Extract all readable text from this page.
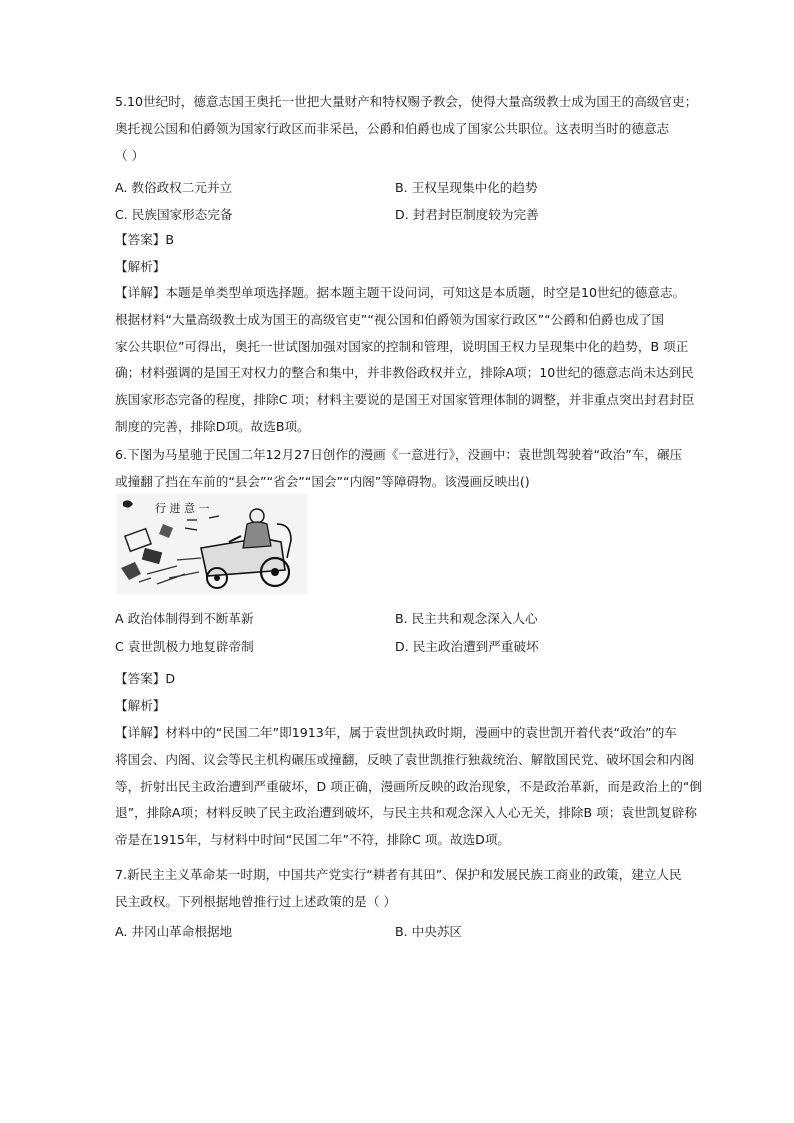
5.10世纪时，德意志国王奥托一世把大量财产和特权赐予教会，使得大量高级教士成为国王的高级官吏；
奥托视公国和伯爵领为国家行政区而非采邑，公爵和伯爵也成了国家公共职位。这表明当时的德意志
（ ）
A. 教俗政权二元并立	B. 王权呈现集中化的趋势
C. 民族国家形态完备	D. 封君封臣制度较为完善
【答案】B
【解析】
【详解】本题是单类型单项选择题。据本题主题干设问词，可知这是本质题，时空是10世纪的德意志。
根据材料“大量高级教士成为国王的高级官吏”“视公国和伯爵领为国家行政区”“公爵和伯爵也成了国
家公共职位”可得出，奥托一世试图加强对国家的控制和管理，说明国王权力呈现集中化的趋势，B 项正
确；材料强调的是国王对权力的整合和集中，并非教俗政权并立，排除A项；10世纪的德意志尚未达到民
族国家形态完备的程度，排除C 项；材料主要说的是国王对国家管理体制的调整，并非重点突出封君封臣
制度的完善，排除D项。故选B项。
6.下图为马星驰于民国二年12月27日创作的漫画《一意进行》，没画中：袁世凯驾驶着“政治”车，碾压
或撞翻了挡在车前的“县会”“省会”“国会”“内阁”等障碍物。该漫画反映出()
行 进 意 一
A 政治体制得到不断革新	B. 民主共和观念深入人心
C 袁世凯极力地复辟帝制	D. 民主政治遭到严重破坏
【答案】D
【解析】
【详解】材料中的“民国二年”即1913年，属于袁世凯执政时期，漫画中的袁世凯开着代表“政治”的车
将国会、内阁、议会等民主机构碾压或撞翻，反映了袁世凯推行独裁统治、解散国民党、破坏国会和内阁
等，折射出民主政治遭到严重破坏，D 项正确，漫画所反映的政治现象，不是政治革新，而是政治上的“倒
退”，排除A项；材料反映了民主政治遭到破坏，与民主共和观念深入人心无关，排除B 项；袁世凯复辟称
帝是在1915年，与材料中时间“民国二年”不符，排除C 项。故选D项。
7.新民主主义革命某一时期，中国共产党实行“耕者有其田”、保护和发展民族工商业的政策，建立人民
民主政权。下列根据地曾推行过上述政策的是（ ）
A. 井冈山革命根据地	B. 中央苏区
